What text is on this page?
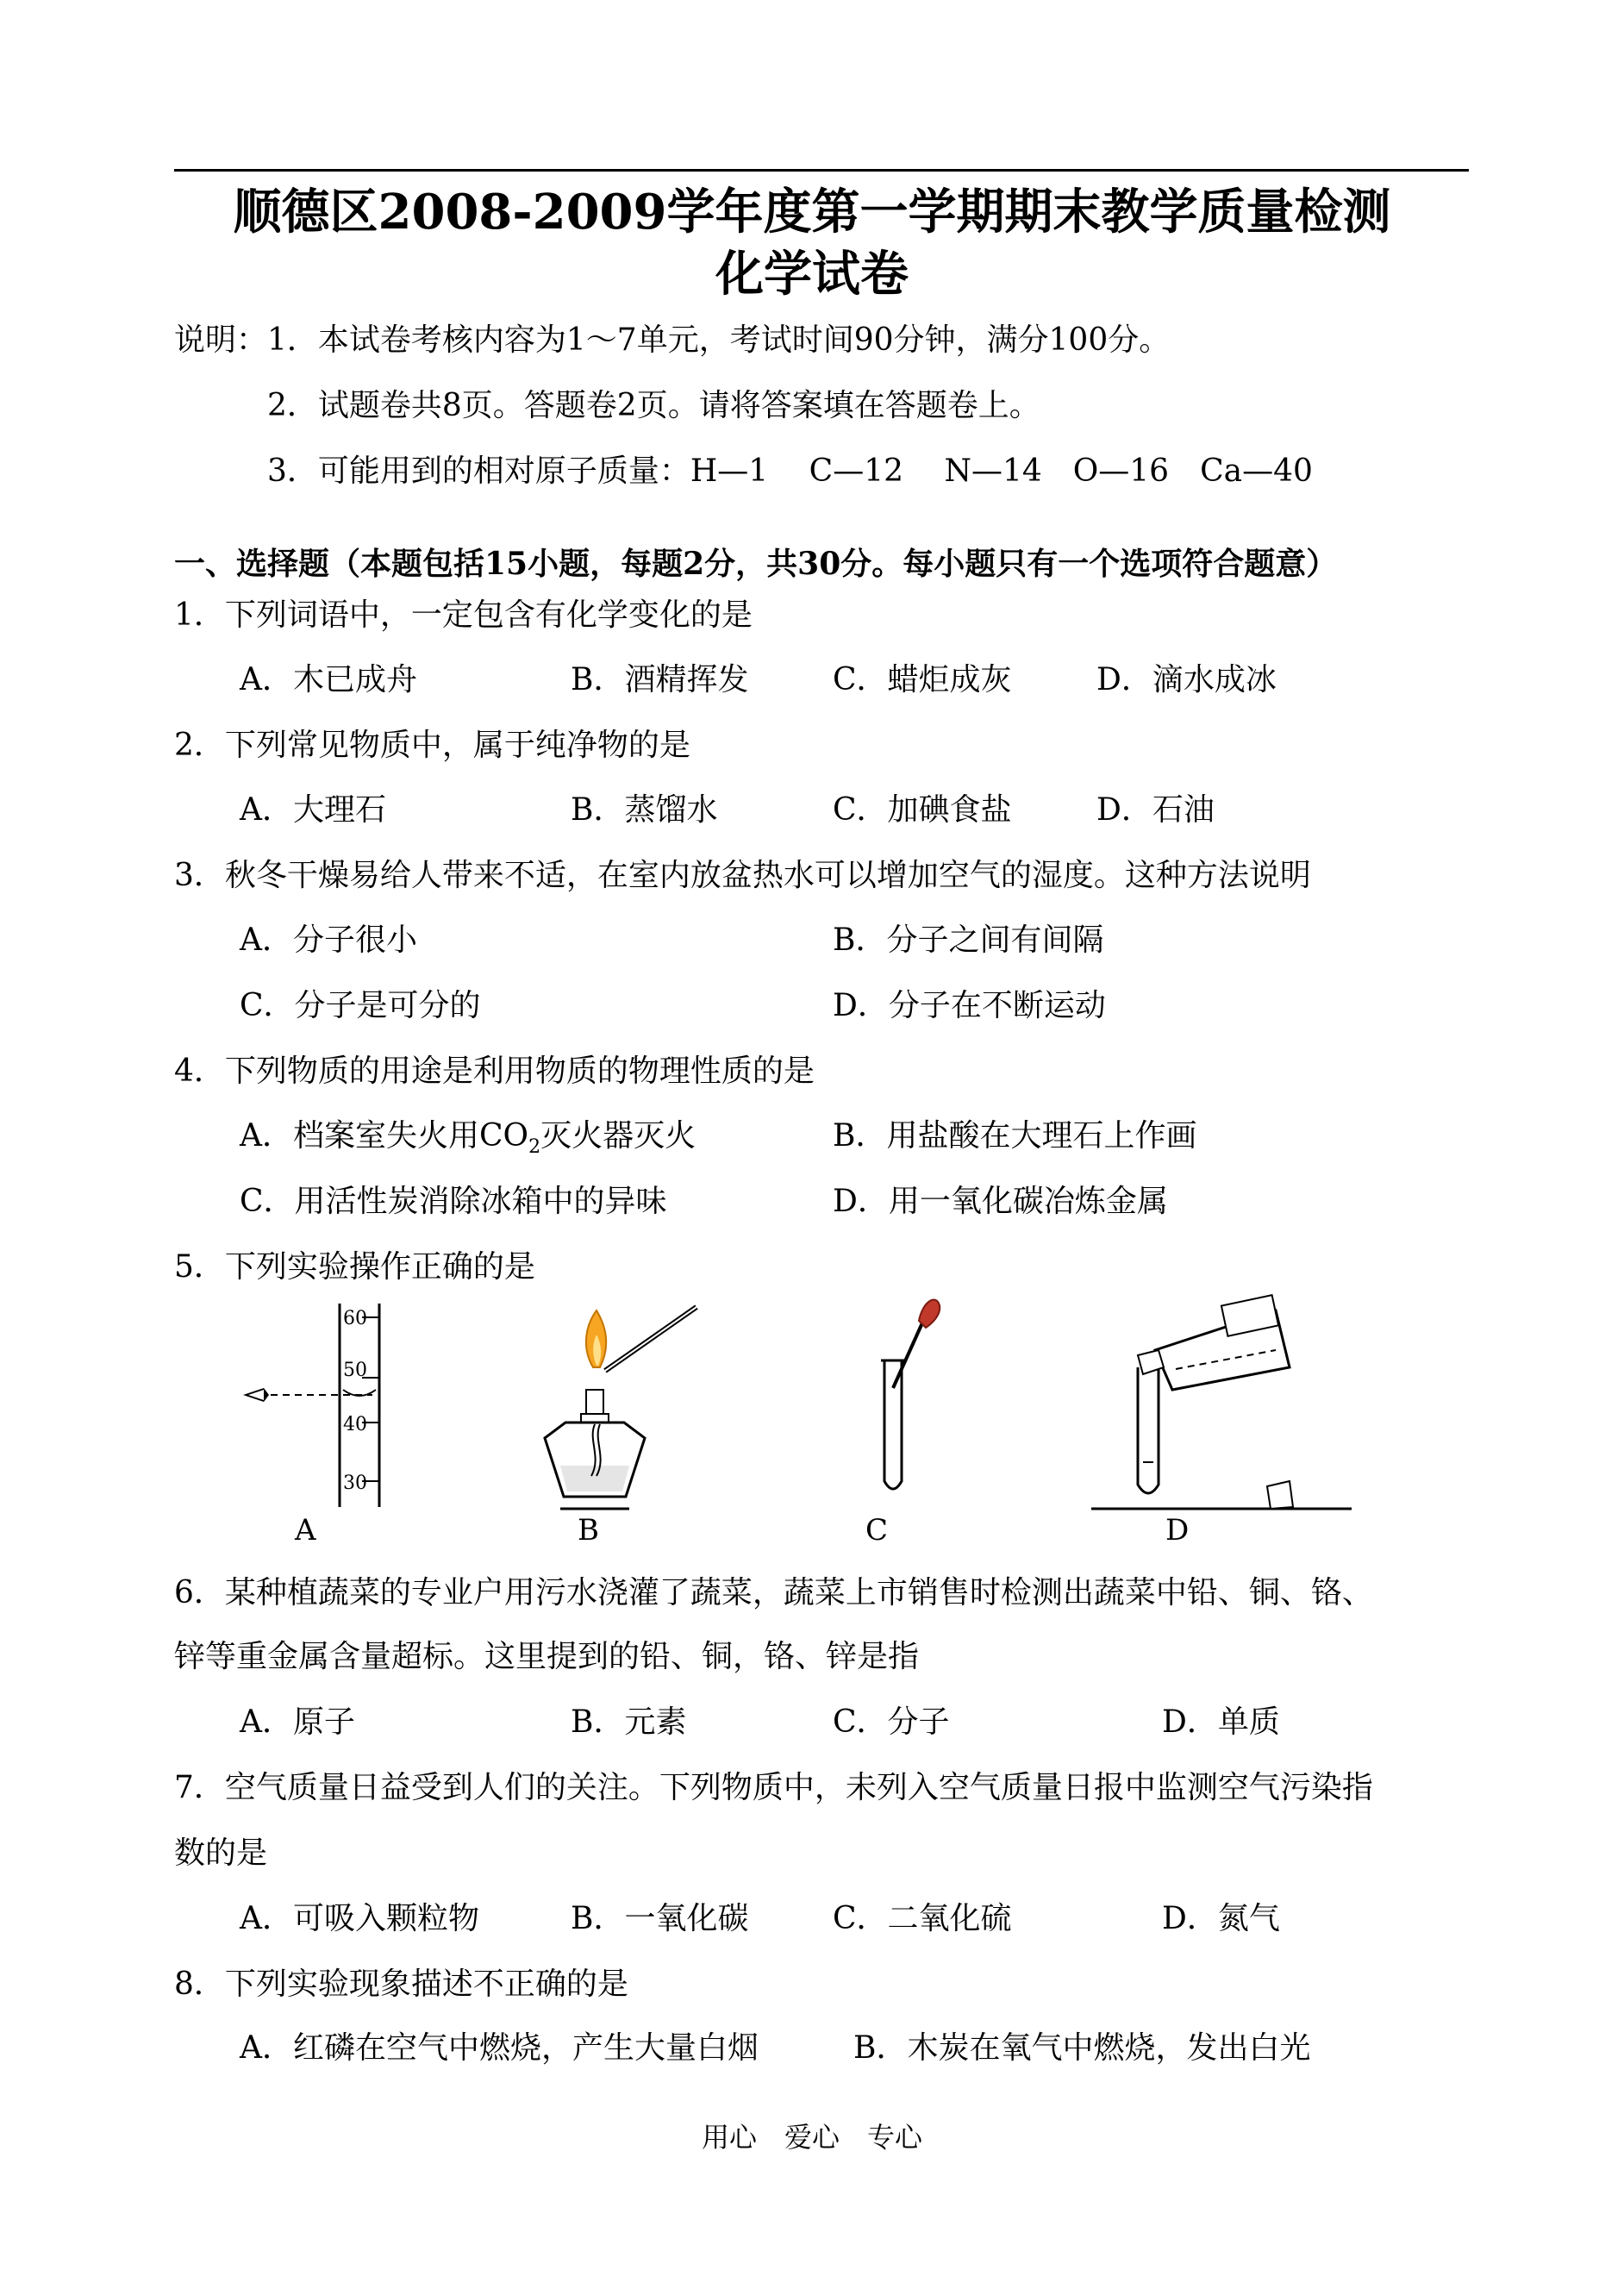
顺德区2008-2009学年度第一学期期末教学质量检测
化学试卷
说明： 1．本试卷考核内容为1～7单元，考试时间90分钟，满分100分。
2．试题卷共8页。答题卷2页。请将答案填在答题卷上。
3．可能用到的相对原子质量：H—1　 C—12　 N—14　O—16　Ca—40
一、选择题（本题包括15小题，每题2分，共30分。每小题只有一个选项符合题意）
1．下列词语中，一定包含有化学变化的是
A．木已成舟	B．酒精挥发	C．蜡炬成灰	D．滴水成冰
2．下列常见物质中，属于纯净物的是
A．大理石	B．蒸馏水	C．加碘食盐	D．石油
3．秋冬干燥易给人带来不适，在室内放盆热水可以增加空气的湿度。这种方法说明
A．分子很小	B．分子之间有间隔
C．分子是可分的	D．分子在不断运动
4．下列物质的用途是利用物质的物理性质的是
A．档案室失火用$CO_2$灭火器灭火	B．用盐酸在大理石上作画
C．用活性炭消除冰箱中的异味	D．用一氧化碳冶炼金属
5．下列实验操作正确的是
60
50
40
30
A	B	C	D
6．某种植蔬菜的专业户用污水浇灌了蔬菜，蔬菜上市销售时检测出蔬菜中铅、铜、铬、
锌等重金属含量超标。这里提到的铅、铜，铬、锌是指
A．原子	B．元素	C．分子	D．单质
7．空气质量日益受到人们的关注。下列物质中，未列入空气质量日报中监测空气污染指
数的是
A．可吸入颗粒物	B．一氧化碳	C．二氧化硫	D．氮气
8．下列实验现象描述不正确的是
A．红磷在空气中燃烧，产生大量白烟	B．木炭在氧气中燃烧，发出白光
用心　爱心　专心
